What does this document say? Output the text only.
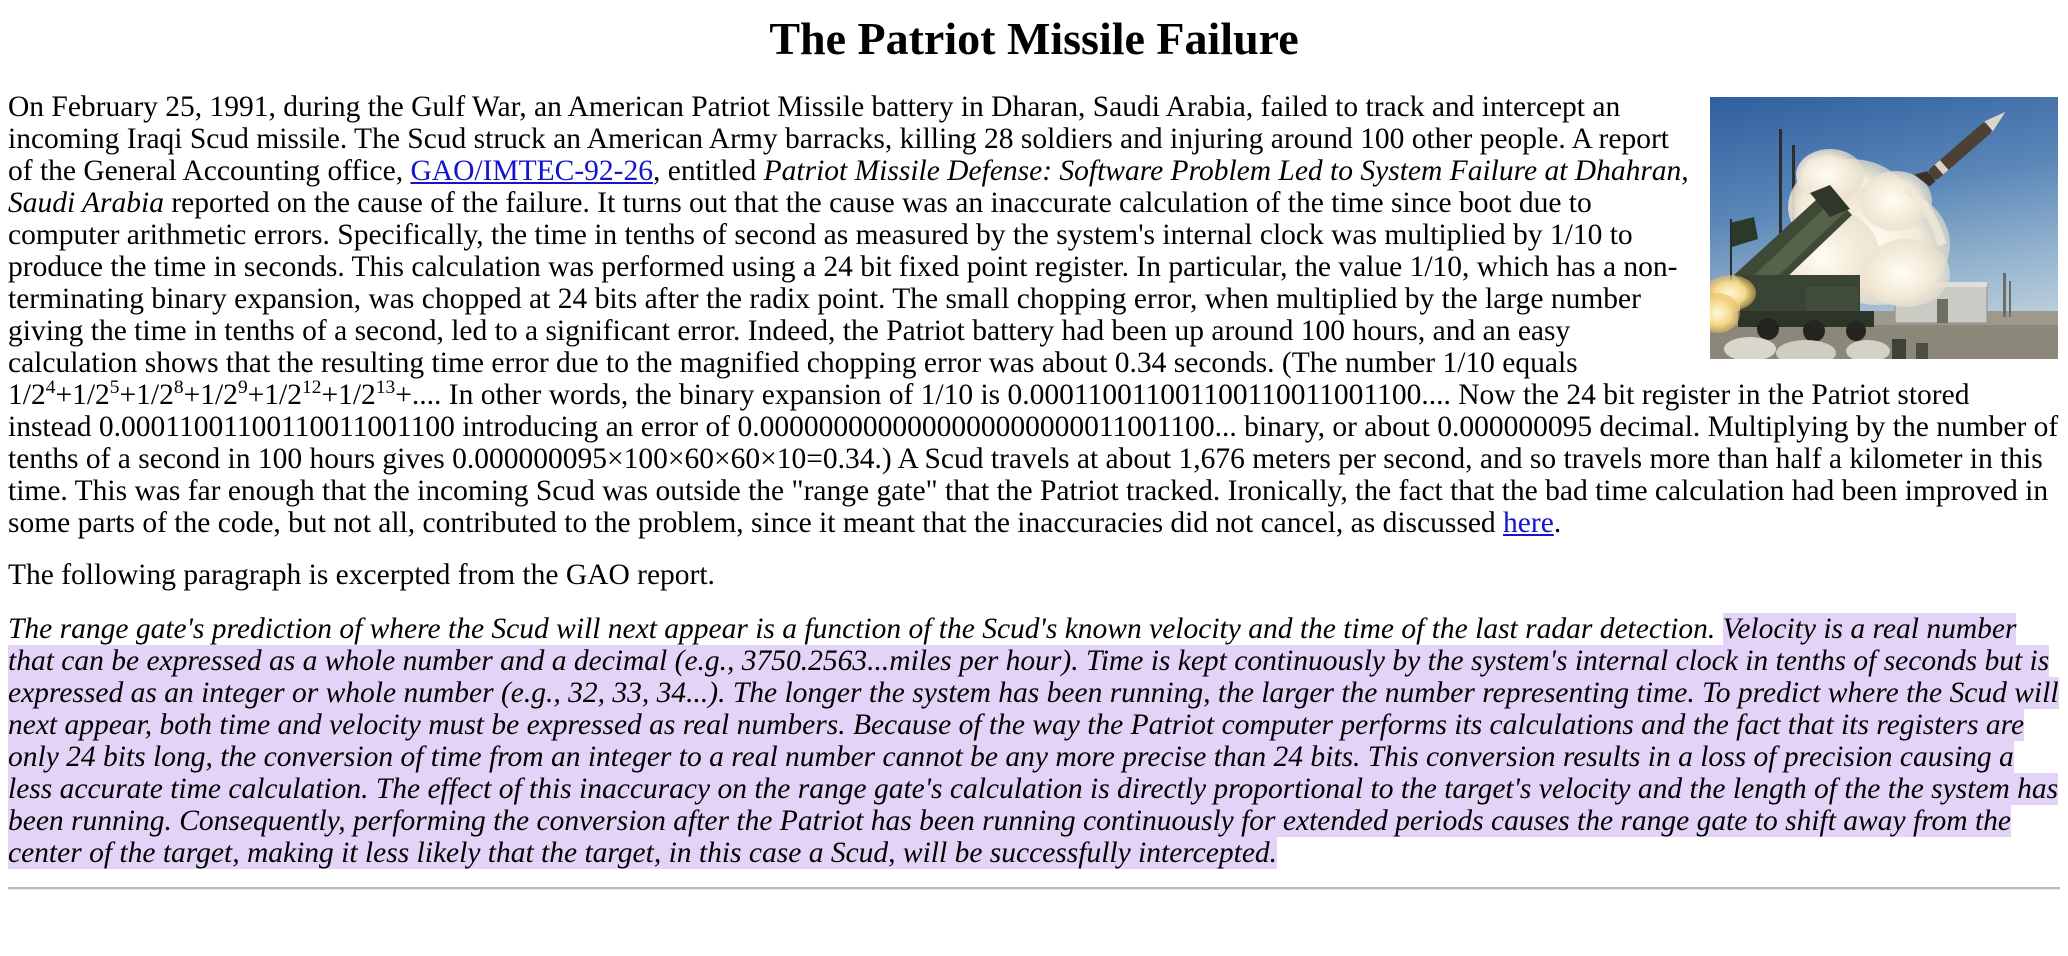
The Patriot Missile Failure

On February 25, 1991, during the Gulf War, an American Patriot Missile battery in Dharan, Saudi Arabia, failed to track and intercept an incoming Iraqi Scud missile. The Scud struck an American Army barracks, killing 28 soldiers and injuring around 100 other people. A report of the General Accounting office, GAO/IMTEC-92-26, entitled Patriot Missile Defense: Software Problem Led to System Failure at Dhahran, Saudi Arabia reported on the cause of the failure. It turns out that the cause was an inaccurate calculation of the time since boot due to computer arithmetic errors. Specifically, the time in tenths of second as measured by the system's internal clock was multiplied by 1/10 to produce the time in seconds. This calculation was performed using a 24 bit fixed point register. In particular, the value 1/10, which has a non-terminating binary expansion, was chopped at 24 bits after the radix point. The small chopping error, when multiplied by the large number giving the time in tenths of a second, led to a significant error. Indeed, the Patriot battery had been up around 100 hours, and an easy calculation shows that the resulting time error due to the magnified chopping error was about 0.34 seconds. (The number 1/10 equals $1/2^4+1/2^5+1/2^8+1/2^9+1/2^{12}+1/2^{13}+$.... In other words, the binary expansion of 1/10 is 0.000110011001100110011001100.... Now the 24 bit register in the Patriot stored instead 0.00011001100110011001100 introducing an error of 0.0000000000000000000000011001100... binary, or about 0.000000095 decimal. Multiplying by the number of tenths of a second in 100 hours gives 0.000000095×100×60×60×10=0.34.) A Scud travels at about 1,676 meters per second, and so travels more than half a kilometer in this time. This was far enough that the incoming Scud was outside the "range gate" that the Patriot tracked. Ironically, the fact that the bad time calculation had been improved in some parts of the code, but not all, contributed to the problem, since it meant that the inaccuracies did not cancel, as discussed here.

The following paragraph is excerpted from the GAO report.

The range gate's prediction of where the Scud will next appear is a function of the Scud's known velocity and the time of the last radar detection. Velocity is a real number that can be expressed as a whole number and a decimal (e.g., 3750.2563...miles per hour). Time is kept continuously by the system's internal clock in tenths of seconds but is expressed as an integer or whole number (e.g., 32, 33, 34...). The longer the system has been running, the larger the number representing time. To predict where the Scud will next appear, both time and velocity must be expressed as real numbers. Because of the way the Patriot computer performs its calculations and the fact that its registers are only 24 bits long, the conversion of time from an integer to a real number cannot be any more precise than 24 bits. This conversion results in a loss of precision causing a less accurate time calculation. The effect of this inaccuracy on the range gate's calculation is directly proportional to the target's velocity and the length of the the system has been running. Consequently, performing the conversion after the Patriot has been running continuously for extended periods causes the range gate to shift away from the center of the target, making it less likely that the target, in this case a Scud, will be successfully intercepted.
